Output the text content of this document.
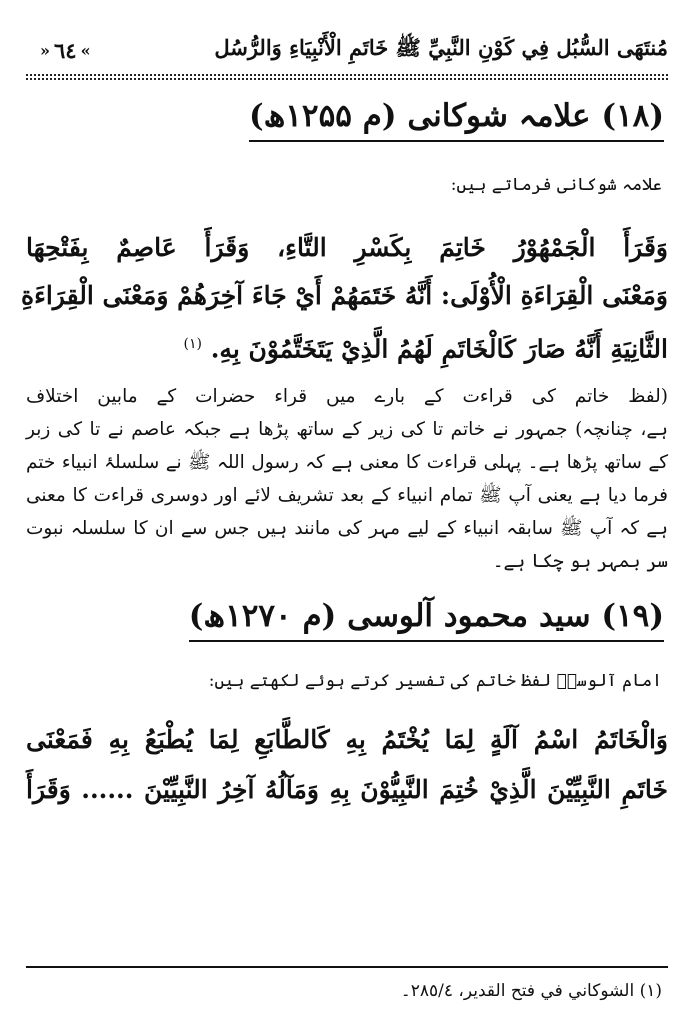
مُنتَهَى السُّبُل فِي كَوْنِ النَّبِيِّ ﷺ خَاتَمِ الْأَنْبِيَاءِ وَالرُّسُل
»
٦٤
«
(۱۸) علامہ شوکانی (م ۱۲۵۵ھ)
علامہ شوکانی فرماتے ہیں:
وَقَرَأَ الْجَمْهُوْرُ خَاتِمَ بِكَسْرِ التَّاءِ، وَقَرَأَ عَاصِمٌ بِفَتْحِهَا
وَمَعْنَى الْقِرَاءَةِ الْأُوْلَى: أَنَّهُ خَتَمَهُمْ أَيْ جَاءَ آخِرَهُمْ وَمَعْنَى الْقِرَاءَةِ
الثَّانِيَةِ أَنَّهُ صَارَ كَالْخَاتَمِ لَهُمُ الَّذِيْ يَتَخَتَّمُوْنَ بِهِ. $^{(١)}$
(لفظ خاتم کی قراءت کے بارے میں قراء حضرات کے مابین اختلاف
ہے، چنانچہ) جمہور نے خاتم تا کی زیر کے ساتھ پڑھا ہے جبکہ عاصم نے تا کی زبر
کے ساتھ پڑھا ہے۔ پہلی قراءت کا معنی ہے کہ رسول اللہ ﷺ نے سلسلۂ انبیاء ختم
فرما دیا ہے یعنی آپ ﷺ تمام انبیاء کے بعد تشریف لائے اور دوسری قراءت کا معنی
ہے کہ آپ ﷺ سابقہ انبیاء کے لیے مہر کی مانند ہیں جس سے ان کا سلسلہ نبوت
سر بمہر ہو چکا ہے۔
(۱۹) سید محمود آلوسی (م ۱۲۷۰ھ)
امام آلوسیؒ لفظ خاتم کی تفسیر کرتے ہوئے لکھتے ہیں:
وَالْخَاتَمُ اسْمُ آلَةٍ لِمَا يُخْتَمُ بِهِ كَالطَّابَعِ لِمَا يُطْبَعُ بِهِ فَمَعْنَى
خَاتَمِ النَّبِيِّيْنَ الَّذِيْ خُتِمَ النَّبِيُّوْنَ بِهِ وَمَآلُهُ آخِرُ النَّبِيِّيْنَ ...... وَقَرَأَ
(١) الشوكاني في فتح القدير، ٢٨٥/٤۔
